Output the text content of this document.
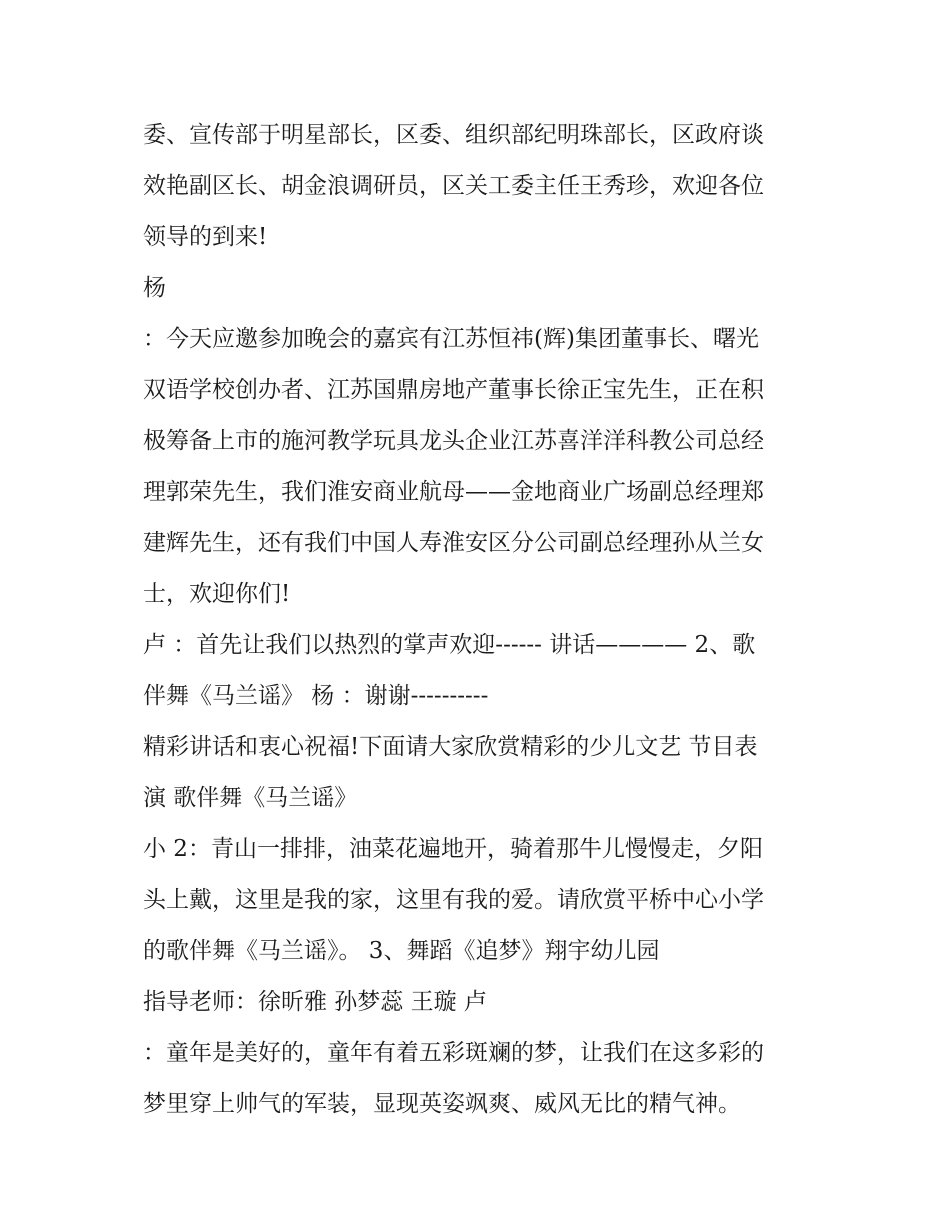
委、宣传部于明星部长，区委、组织部纪明珠部长，区政府谈
效艳副区长、胡金浪调研员，区关工委主任王秀珍，欢迎各位
领导的到来!
杨
：今天应邀参加晚会的嘉宾有江苏恒祎(辉)集团董事长、曙光
双语学校创办者、江苏国鼎房地产董事长徐正宝先生，正在积
极筹备上市的施河教学玩具龙头企业江苏喜洋洋科教公司总经
理郭荣先生，我们淮安商业航母——金地商业广场副总经理郑
建辉先生，还有我们中国人寿淮安区分公司副总经理孙从兰女
士，欢迎你们!
卢 ：首先让我们以热烈的掌声欢迎------ 讲话———— 2、歌
伴舞《马兰谣》 杨 ：谢谢----------
精彩讲话和衷心祝福!下面请大家欣赏精彩的少儿文艺 节目表
演 歌伴舞《马兰谣》
小 2：青山一排排，油菜花遍地开，骑着那牛儿慢慢走，夕阳
头上戴，这里是我的家，这里有我的爱。请欣赏平桥中心小学
的歌伴舞《马兰谣》。 3、舞蹈《追梦》翔宇幼儿园
指导老师：徐昕雅 孙梦蕊 王璇 卢
：童年是美好的，童年有着五彩斑斓的梦，让我们在这多彩的
梦里穿上帅气的军装，显现英姿飒爽、威风无比的精气神。
